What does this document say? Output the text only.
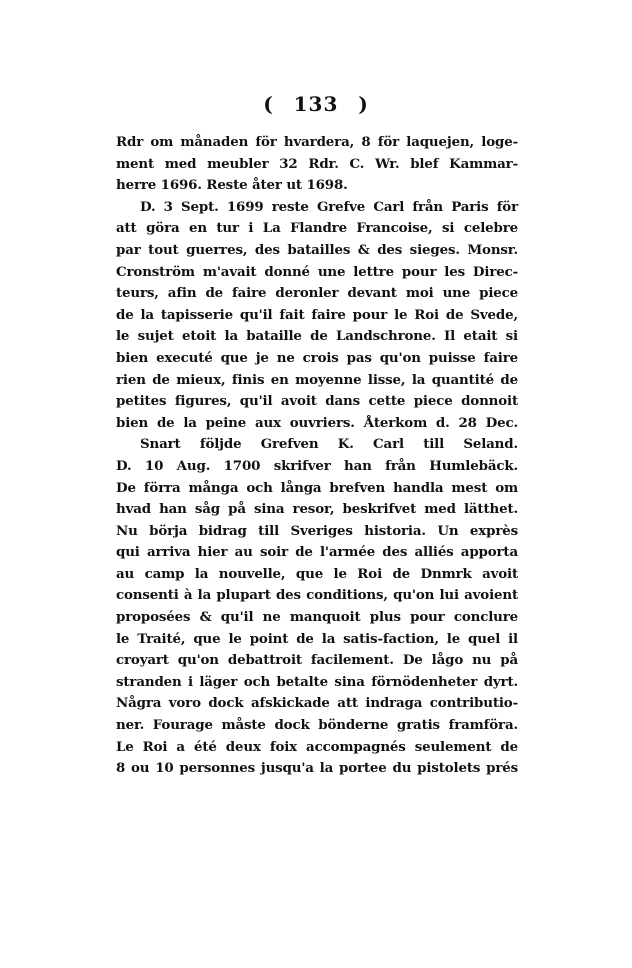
( 133 )
Rdr om månaden för hvardera, 8 för laquejen, loge-
ment med meubler 32 Rdr. C. Wr. blef Kammar-
herre 1696. Reste åter ut 1698.
D. 3 Sept. 1699 reste Grefve Carl från Paris för
att göra en tur i La Flandre Francoise, si celebre
par tout guerres, des batailles & des sieges. Monsr.
Cronström m'avait donné une lettre pour les Direc-
teurs, afin de faire deronler devant moi une piece
de la tapisserie qu'il fait faire pour le Roi de Svede,
le sujet etoit la bataille de Landschrone. Il etait si
bien executé que je ne crois pas qu'on puisse faire
rien de mieux, finis en moyenne lisse, la quantité de
petites figures, qu'il avoit dans cette piece donnoit
bien de la peine aux ouvriers. Återkom d. 28 Dec.
Snart följde Grefven K. Carl till Seland.
D. 10 Aug. 1700 skrifver han från Humlebäck.
De förra många och långa brefven handla mest om
hvad han såg på sina resor, beskrifvet med lätthet.
Nu börja bidrag till Sveriges historia. Un exprès
qui arriva hier au soir de l'armée des alliés apporta
au camp la nouvelle, que le Roi de Dnmrk avoit
consenti à la plupart des conditions, qu'on lui avoient
proposées & qu'il ne manquoit plus pour conclure
le Traité, que le point de la satis-faction, le quel il
croyart qu'on debattroit facilement. De lågo nu på
stranden i läger och betalte sina förnödenheter dyrt.
Några voro dock afskickade att indraga contributio-
ner. Fourage måste dock bönderne gratis framföra.
Le Roi a été deux foix accompagnés seulement de
8 ou 10 personnes jusqu'a la portee du pistolets prés
